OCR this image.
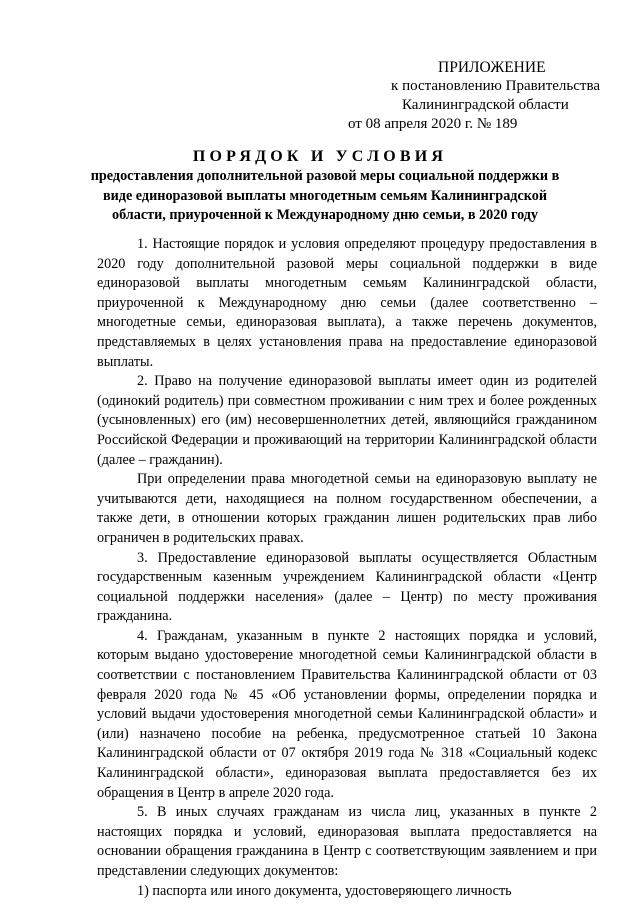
ПРИЛОЖЕНИЕ
к постановлению Правительства
Калининградской области
от 08 апреля 2020 г. № 189
ПОРЯДОК И УСЛОВИЯ
предоставления дополнительной разовой меры социальной поддержки в виде единоразовой выплаты многодетным семьям Калининградской области, приуроченной к Международному дню семьи, в 2020 году

1. Настоящие порядок и условия определяют процедуру предоставления в 2020 году дополнительной разовой меры социальной поддержки в виде единоразовой выплаты многодетным семьям Калининградской области, приуроченной к Международному дню семьи (далее соответственно – многодетные семьи, единоразовая выплата), а также перечень документов, представляемых в целях установления права на предоставление единоразовой выплаты.

2. Право на получение единоразовой выплаты имеет один из родителей (одинокий родитель) при совместном проживании с ним трех и более рожденных (усыновленных) его (им) несовершеннолетних детей, являющийся гражданином Российской Федерации и проживающий на территории Калининградской области (далее – гражданин).

При определении права многодетной семьи на единоразовую выплату не учитываются дети, находящиеся на полном государственном обеспечении, а также дети, в отношении которых гражданин лишен родительских прав либо ограничен в родительских правах.

3. Предоставление единоразовой выплаты осуществляется Областным государственным казенным учреждением Калининградской области «Центр социальной поддержки населения» (далее – Центр) по месту проживания гражданина.

4. Гражданам, указанным в пункте 2 настоящих порядка и условий, которым выдано удостоверение многодетной семьи Калининградской области в соответствии с постановлением Правительства Калининградской области от 03 февраля 2020 года № 45 «Об установлении формы, определении порядка и условий выдачи удостоверения многодетной семьи Калининградской области» и (или) назначено пособие на ребенка, предусмотренное статьей 10 Закона Калининградской области от 07 октября 2019 года № 318 «Социальный кодекс Калининградской области», единоразовая выплата предоставляется без их обращения в Центр в апреле 2020 года.

5. В иных случаях гражданам из числа лиц, указанных в пункте 2 настоящих порядка и условий, единоразовая выплата предоставляется на основании обращения гражданина в Центр с соответствующим заявлением и при представлении следующих документов:

1) паспорта или иного документа, удостоверяющего личность
